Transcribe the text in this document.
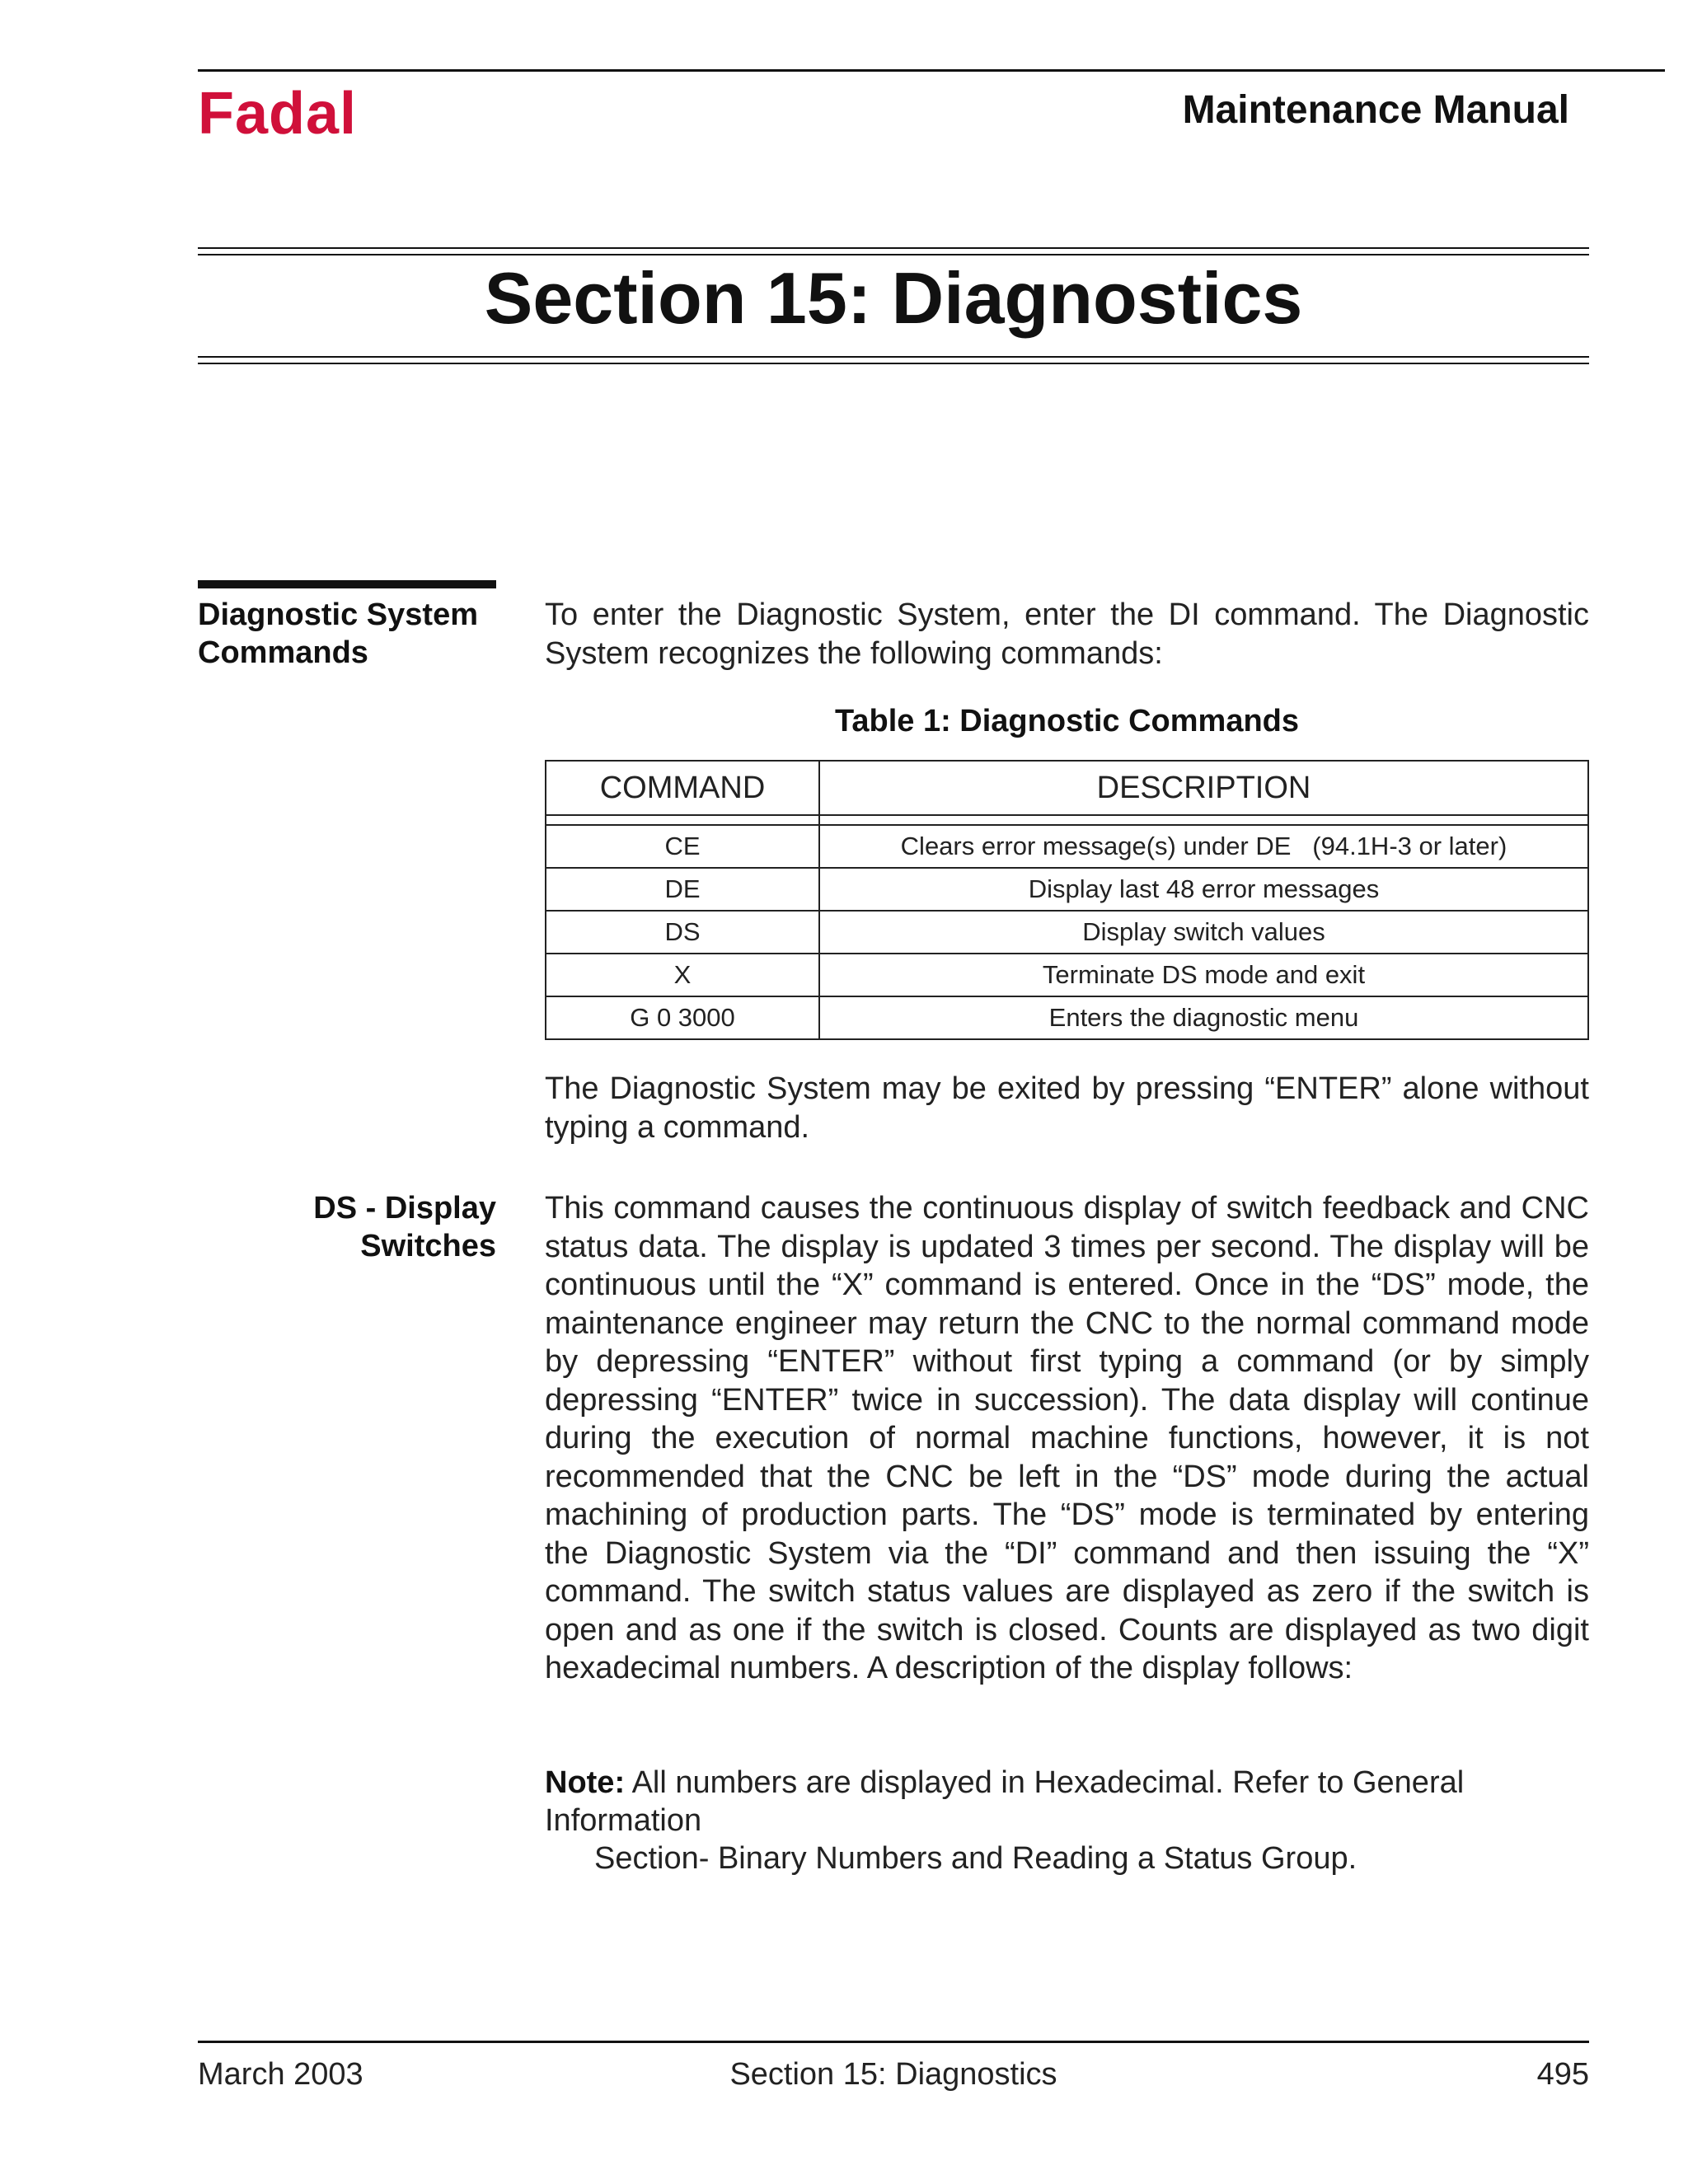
Fadal	Maintenance Manual
Section 15: Diagnostics
Diagnostic System
Commands

To enter the Diagnostic System, enter the DI command. The Diagnostic System recognizes the following commands:

Table 1: Diagnostic Commands
COMMAND	DESCRIPTION

CE	Clears error message(s) under DE   (94.1H-3 or later)
DE	Display last 48 error messages
DS	Display switch values
X	Terminate DS mode and exit
G 0 3000	Enters the diagnostic menu

The Diagnostic System may be exited by pressing “ENTER” alone without typing a command.

DS - Display
Switches

This command causes the continuous display of switch feedback and CNC status data. The display is updated 3 times per second. The display will be continuous until the “X” command is entered. Once in the “DS” mode, the maintenance engineer may return the CNC to the normal command mode by depressing “ENTER” without first typing a command (or by simply depressing “ENTER” twice in succession). The data display will continue during the execution of normal machine functions, however, it is not recommended that the CNC be left in the “DS” mode during the actual machining of production parts. The “DS” mode is terminated by entering the Diagnostic System via the “DI” command and then issuing the “X” command. The switch status values are displayed as zero if the switch is open and as one if the switch is closed. Counts are displayed as two digit hexadecimal numbers. A description of the display follows:

Note: All numbers are displayed in Hexadecimal. Refer to General Information
Section- Binary Numbers and Reading a Status Group.
March 2003	Section 15: Diagnostics	495
